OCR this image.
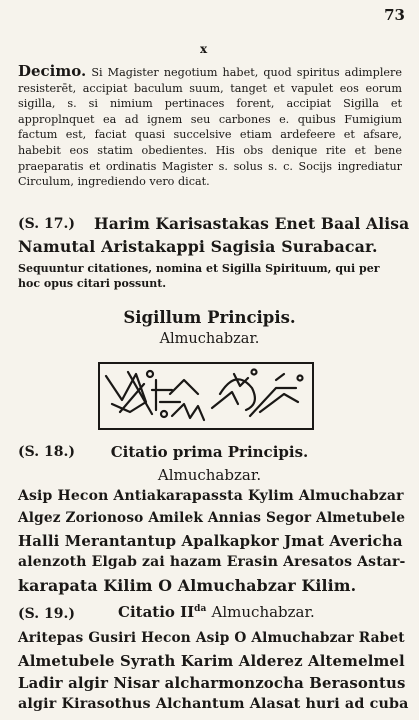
73
x
Decimo. Si Magister negotium habet, quod spiritus adimplere resisterēt, accipiat baculum suum, tanget et vapulet eos eorum sigilla, s. si nimium pertinaces forent, accipiat Sigilla et approplnquet ea ad ignem seu carbones e. quibus Fumigium factum est, faciat quasi succelsive etiam ardefeere et afsare, habebit eos statim obedientes. His obs denique rite et bene praeparatis et ordinatis Magister s. solus s. c. Socijs ingrediatur Circulum, ingrediendo vero dicat.
(S. 17.) Harim Karisastakas Enet Baal Alisa
Namutal Aristakappi Sagisia Surabacar.
Sequuntur citationes, nomina et Sigilla Spirituum, qui per hoc opus citari possunt.
Sigillum Principis.
Almuchabzar.
(S. 18.)	Citatio prima Principis.
Almuchabzar.
Asip Hecon Antiakarapassta Kylim Almuchabzar
Algez Zorionoso Amilek Annias Segor Almetubele
Halli Merantantup Apalkapkor Jmat Avericha
alenzoth Elgab zai hazam Erasin Aresatos Astar-
karapata Kilim O Almuchabzar Kilim.
(S. 19.)	Citatio $II^{da}$ Almuchabzar.
Aritepas Gusiri Hecon Asip O Almuchabzar Rabet
Almetubele Syrath Karim Alderez Altemelmel
Ladir algir Nisar alcharmonzocha Berasontus
algir Kirasothus Alchantum Alasat huri ad cuba
